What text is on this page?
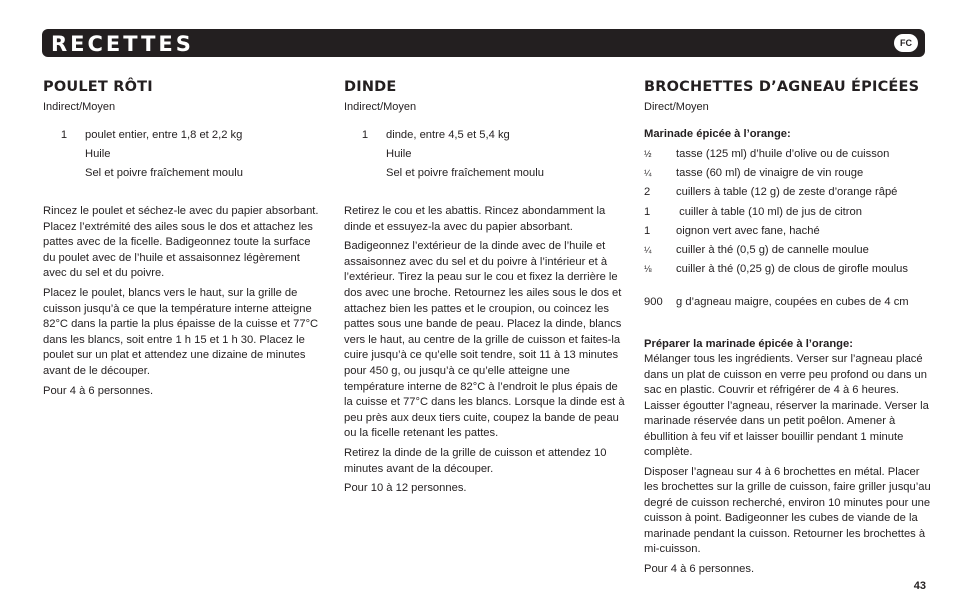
RECETTES	FC
POULET RÔTI
Indirect/Moyen
1	poulet entier, entre 1,8 et 2,2 kg
Huile
Sel et poivre fraîchement moulu

Rincez le poulet et séchez-le avec du papier absorbant. Placez l’extrémité des ailes sous le dos et attachez les pattes avec de la ficelle. Badigeonnez toute la surface du poulet avec de l’huile et assaisonnez légèrement avec du sel et du poivre.

Placez le poulet, blancs vers le haut, sur la grille de cuisson jusqu’à ce que la température interne atteigne 82°C dans la partie la plus épaisse de la cuisse et 77°C dans les blancs, soit entre 1 h 15 et 1 h 30. Placez le poulet sur un plat et attendez une dizaine de minutes avant de le découper.

Pour 4 à 6 personnes.

DINDE
Indirect/Moyen
1	dinde, entre 4,5 et 5,4 kg
Huile
Sel et poivre fraîchement moulu

Retirez le cou et les abattis. Rincez abondamment la dinde et essuyez-la avec du papier absorbant.

Badigeonnez l’extérieur de la dinde avec de l’huile et assaisonnez avec du sel et du poivre à l’intérieur et à l’extérieur. Tirez la peau sur le cou et fixez la derrière le dos avec une broche. Retournez les ailes sous le dos et attachez bien les pattes et le croupion, ou coincez les pattes sous une bande de peau. Placez la dinde, blancs vers le haut, au centre de la grille de cuisson et faites-la cuire jusqu’à ce qu’elle soit tendre, soit 11 à 13 minutes pour 450 g, ou jusqu’à ce qu’elle atteigne une température interne de 82°C à l’endroit le plus épais de la cuisse et 77°C dans les blancs. Lorsque la dinde est à peu près aux deux tiers cuite, coupez la bande de peau ou la ficelle retenant les pattes.

Retirez la dinde de la grille de cuisson et attendez 10 minutes avant de la découper.

Pour 10 à 12 personnes.

BROCHETTES D’AGNEAU ÉPICÉES
Direct/Moyen
Marinade épicée à l’orange:
½	tasse (125 ml) d’huile d’olive ou de cuisson
¼	tasse (60 ml) de vinaigre de vin rouge
2	cuillers à table (12 g) de zeste d’orange râpé
1	cuiller à table (10 ml) de jus de citron
1	oignon vert avec fane, haché
¼	cuiller à thé (0,5 g) de cannelle moulue
⅛	cuiller à thé (0,25 g) de clous de girofle moulus
900	g d’agneau maigre, coupées en cubes de 4 cm
Préparer la marinade épicée à l’orange:

Mélanger tous les ingrédients. Verser sur l’agneau placé dans un plat de cuisson en verre peu profond ou dans un sac en plastic. Couvrir et réfrigérer de 4 à 6 heures. Laisser égoutter l’agneau, réserver la marinade. Verser la marinade réservée dans un petit poêlon. Amener à ébullition à feu vif et laisser bouillir pendant 1 minute complète.

Disposer l’agneau sur 4 à 6 brochettes en métal. Placer les brochettes sur la grille de cuisson, faire griller jusqu’au degré de cuisson recherché, environ 10 minutes pour une cuisson à point. Badigeonner les cubes de viande de la marinade pendant la cuisson. Retourner les brochettes à mi-cuisson.

Pour 4 à 6 personnes.

43
